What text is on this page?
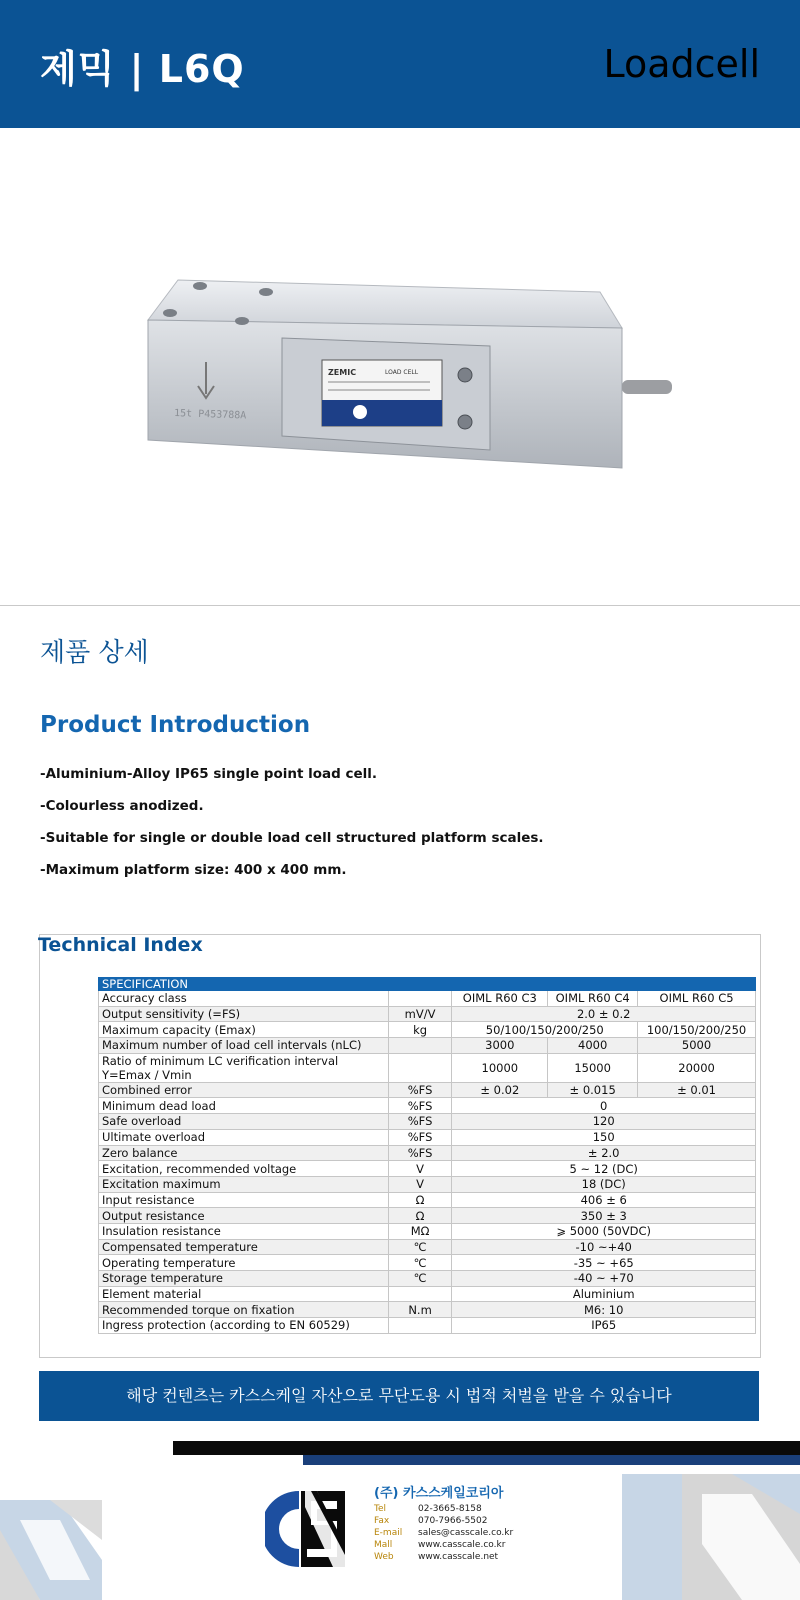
제믹 | L6Q	Loadcell
ZEMIC	LOAD CELL
15t P453788A
제품 상세
Product Introduction
-Aluminium-Alloy IP65 single point load cell.
-Colourless anodized.
-Suitable for single or double load cell structured platform scales.
-Maximum platform size: 400 x 400 mm.
Technical Index
SPECIFICATION				
Accuracy class		OIML R60 C3	OIML R60 C4	OIML R60 C5
Output sensitivity (=FS)	mV/V	2.0 ± 0.2		
Maximum capacity (Emax)	kg	50/100/150/200/250		100/150/200/250
Maximum number of load cell intervals (nLC)		3000	4000	5000
Ratio of minimum LC verification interval Y=Emax / Vmin		10000	15000	20000
Combined error	%FS	± 0.02	± 0.015	± 0.01
Minimum dead load	%FS	0		
Safe overload	%FS	120		
Ultimate overload	%FS	150		
Zero balance	%FS	± 2.0		
Excitation, recommended voltage	V	5 ~ 12 (DC)		
Excitation maximum	V	18 (DC)		
Input resistance	Ω	406 ± 6		
Output resistance	Ω	350 ± 3		
Insulation resistance	MΩ	⩾ 5000 (50VDC)		
Compensated temperature	℃	-10 ~+40		
Operating temperature	℃	-35 ~ +65		
Storage temperature	℃	-40 ~ +70		
Element material		Aluminium		
Recommended torque on fixation	N.m	M6: 10		
Ingress protection (according to EN 60529)		IP65		
해당 컨텐츠는 카스스케일 자산으로 무단도용 시 법적 처벌을 받을 수 있습니다
(주) 카스스케일코리아
Tel	02-3665-8158
Fax	070-7966-5502
E-mail sales@casscale.co.kr
Mall	www.casscale.co.kr
Web	www.casscale.net
